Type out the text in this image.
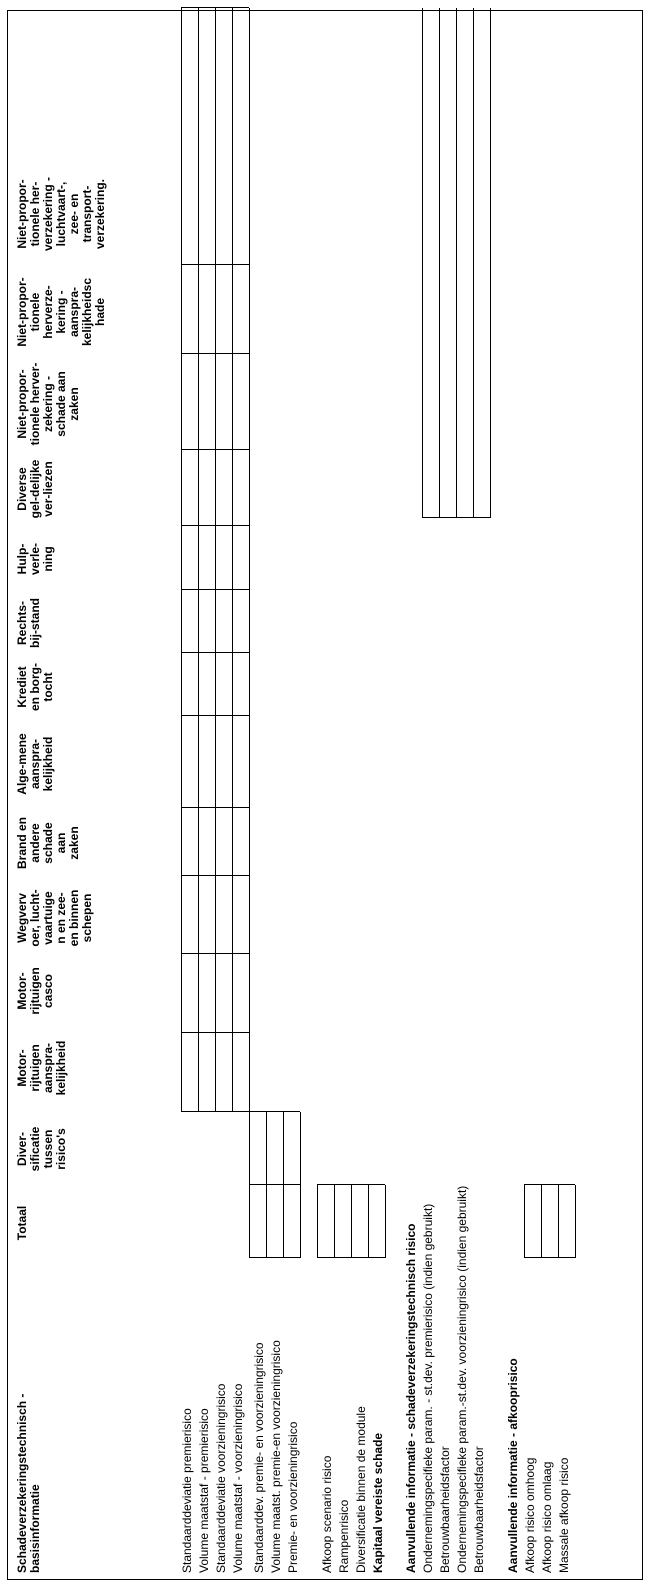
Schadeverzekeringstechnisch -
basisinformatie
Totaal
Diver-
sificatie
tussen
risico's
Motor-
rijtuigen
aanspra-
kelijkheid
Motor-
rijtuigen
casco
Wegverv
oer, lucht-
vaartuige
n en zee-
en binnen
schepen
Brand en
andere
schade
aan
zaken
Alge-mene
aanspra-
kelijkheid
Krediet
en borg-
tocht
Rechts-
bij-stand
Hulp-
verle-
ning
Diverse
gel-delijke
ver-liezen
Niet-propor-
tionele herver-
zekering -
schade aan
zaken
Niet-propor-
tionele
herverze-
kering -
aanspra-
kelijkheidsc
hade
Niet-propor-
tionele her-
verzekering -
luchtvaart-,
zee- en
transport-
verzekering.
Standaarddeviatie premierisico Volume maatstaf - premierisico Standaarddeviatie voorzieningrisico Volume maatstaf - voorzieningrisico Standaarddev. premie- en voorzieningrisico Volume maatst. premie-en voorzieningrisico Premie- en voorzieningrisico Afkoop scenario risico Rampenrisico Diversificatie binnen de module Kapitaal vereiste schade Aanvullende informatie - schadeverzekeringstechnisch risico Ondernemingspecifieke param. - st.dev. premierisico (indien gebruikt) Betrouwbaarheidsfactor Ondernemingspecifieke param.-st.dev. voorzieningrisico (indien gebruikt) Betrouwbaarheidsfactor Aanvullende informatie - afkooprisico Afkoop risico omhoog Afkoop risico omlaag Massale afkoop risico
